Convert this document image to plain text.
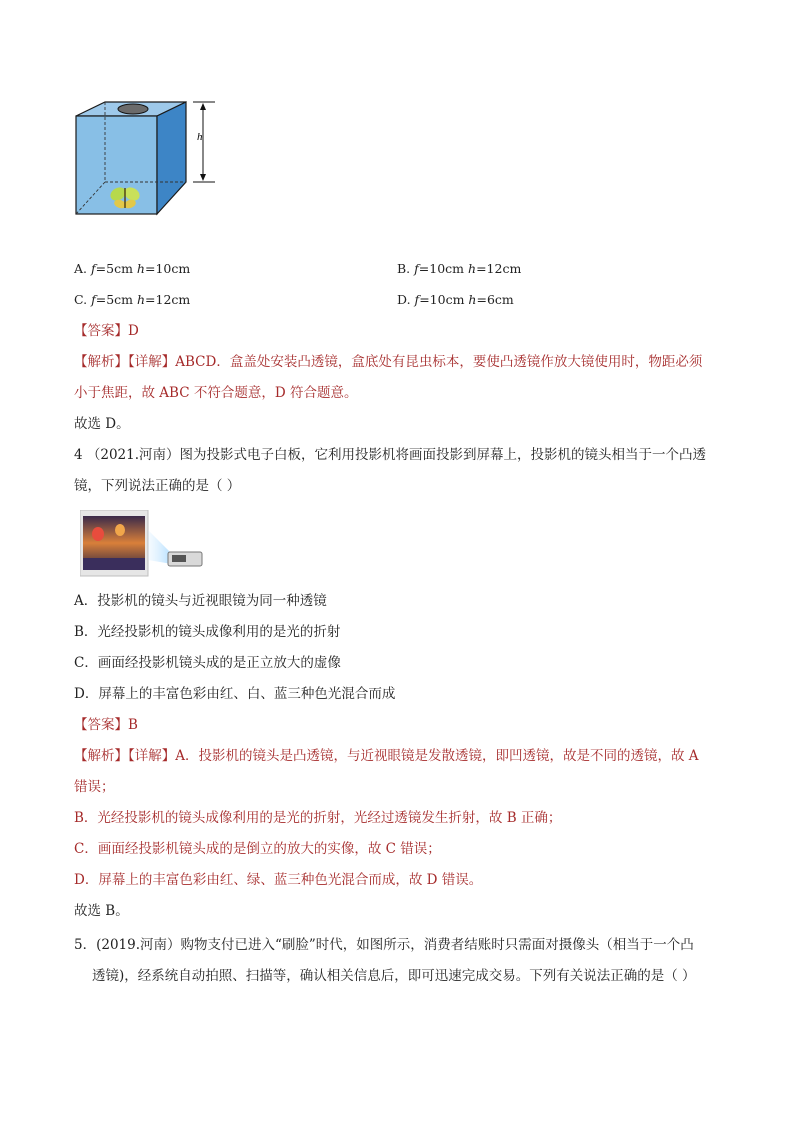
h
A. f=5cm h=10cm	B. f=10cm h=12cm
C. f=5cm h=12cm	D. f=10cm h=6cm
【答案】D
【解析】【详解】ABCD．盒盖处安装凸透镜，盒底处有昆虫标本，要使凸透镜作放大镜使用时，物距必须
小于焦距，故 ABC 不符合题意，D 符合题意。
故选 D。
4 （2021.河南）图为投影式电子白板，它利用投影机将画面投影到屏幕上，投影机的镜头相当于一个凸透
镜，下列说法正确的是（ ）
A．投影机的镜头与近视眼镜为同一种透镜
B．光经投影机的镜头成像利用的是光的折射
C．画面经投影机镜头成的是正立放大的虚像
D．屏幕上的丰富色彩由红、白、蓝三种色光混合而成
【答案】B
【解析】【详解】A．投影机的镜头是凸透镜，与近视眼镜是发散透镜，即凹透镜，故是不同的透镜，故 A
错误；
B．光经投影机的镜头成像利用的是光的折射，光经过透镜发生折射，故 B 正确；
C．画面经投影机镜头成的是倒立的放大的实像，故 C 错误；
D．屏幕上的丰富色彩由红、绿、蓝三种色光混合而成，故 D 错误。
故选 B。
5．(2019.河南）购物支付已进入“刷脸”时代，如图所示，消费者结账时只需面对摄像头（相当于一个凸
透镜)，经系统自动拍照、扫描等，确认相关信息后，即可迅速完成交易。下列有关说法正确的是（ ）
